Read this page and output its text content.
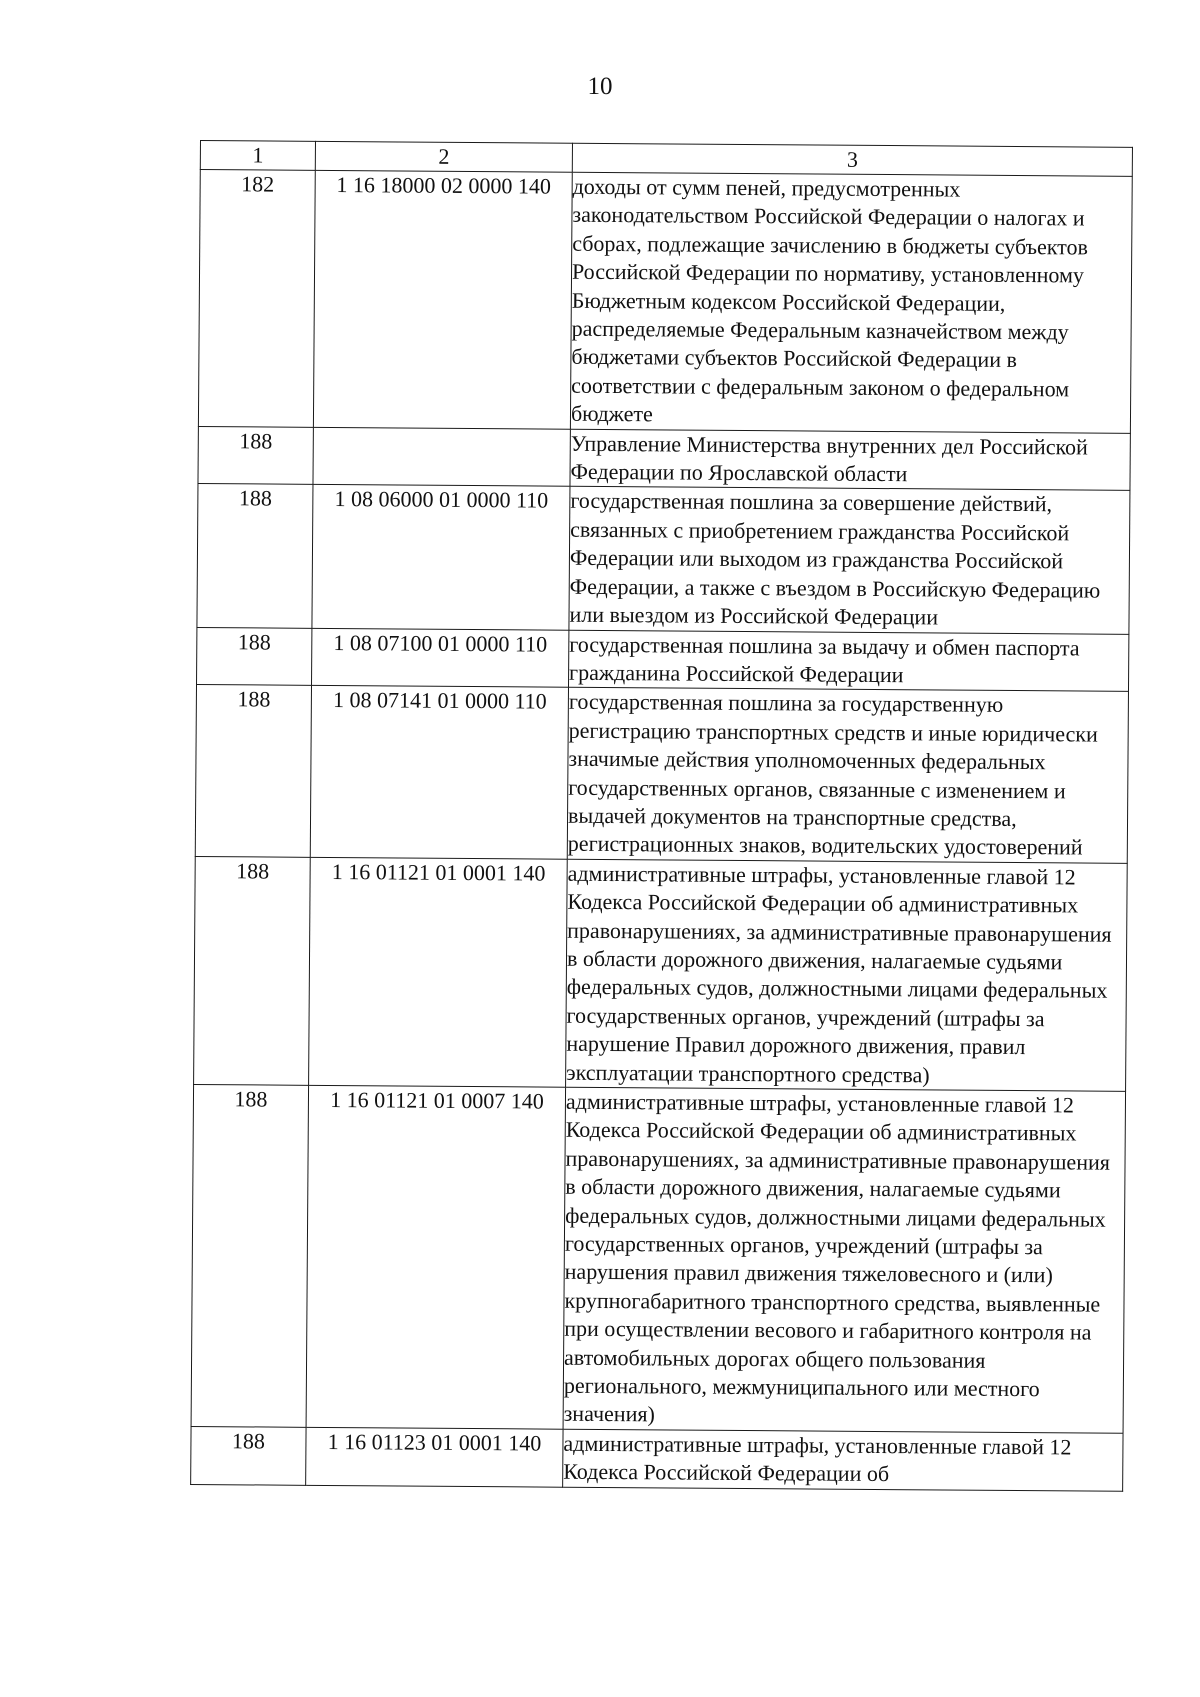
10
1	2	3
182	1 16 18000 02 0000 140	доходы от сумм пеней, предусмотренных законодательством Российской Федерации о налогах и сборах, подлежащие зачислению в бюджеты субъектов Российской Федерации по нормативу, установленному Бюджетным кодексом Российской Федерации, распределяемые Федеральным казначейством между бюджетами субъектов Российской Федерации в соответствии с федеральным законом о федеральном бюджете
188		Управление Министерства внутренних дел Российской Федерации по Ярославской области
188	1 08 06000 01 0000 110	государственная пошлина за совершение действий, связанных с приобретением гражданства Российской Федерации или выходом из гражданства Российской Федерации, а также с въездом в Российскую Федерацию или выездом из Российской Федерации
188	1 08 07100 01 0000 110	государственная пошлина за выдачу и обмен паспорта гражданина Российской Федерации
188	1 08 07141 01 0000 110	государственная пошлина за государственную регистрацию транспортных средств и иные юридически значимые действия уполномоченных федеральных государственных органов, связанные с изменением и выдачей документов на транспортные средства, регистрационных знаков, водительских удостоверений
188	1 16 01121 01 0001 140	административные штрафы, установленные главой 12 Кодекса Российской Федерации об административных правонарушениях, за административные правонарушения в области дорожного движения, налагаемые судьями федеральных судов, должностными лицами федеральных государственных органов, учреждений (штрафы за нарушение Правил дорожного движения, правил эксплуатации транспортного средства)
188	1 16 01121 01 0007 140	административные штрафы, установленные главой 12 Кодекса Российской Федерации об административных правонарушениях, за административные правонарушения в области дорожного движения, налагаемые судьями федеральных судов, должностными лицами федеральных государственных органов, учреждений (штрафы за нарушения правил движения тяжеловесного и (или) крупногабаритного транспортного средства, выявленные при осуществлении весового и габаритного контроля на автомобильных дорогах общего пользования регионального, межмуниципального или местного значения)
188	1 16 01123 01 0001 140	административные штрафы, установленные главой 12 Кодекса Российской Федерации об
